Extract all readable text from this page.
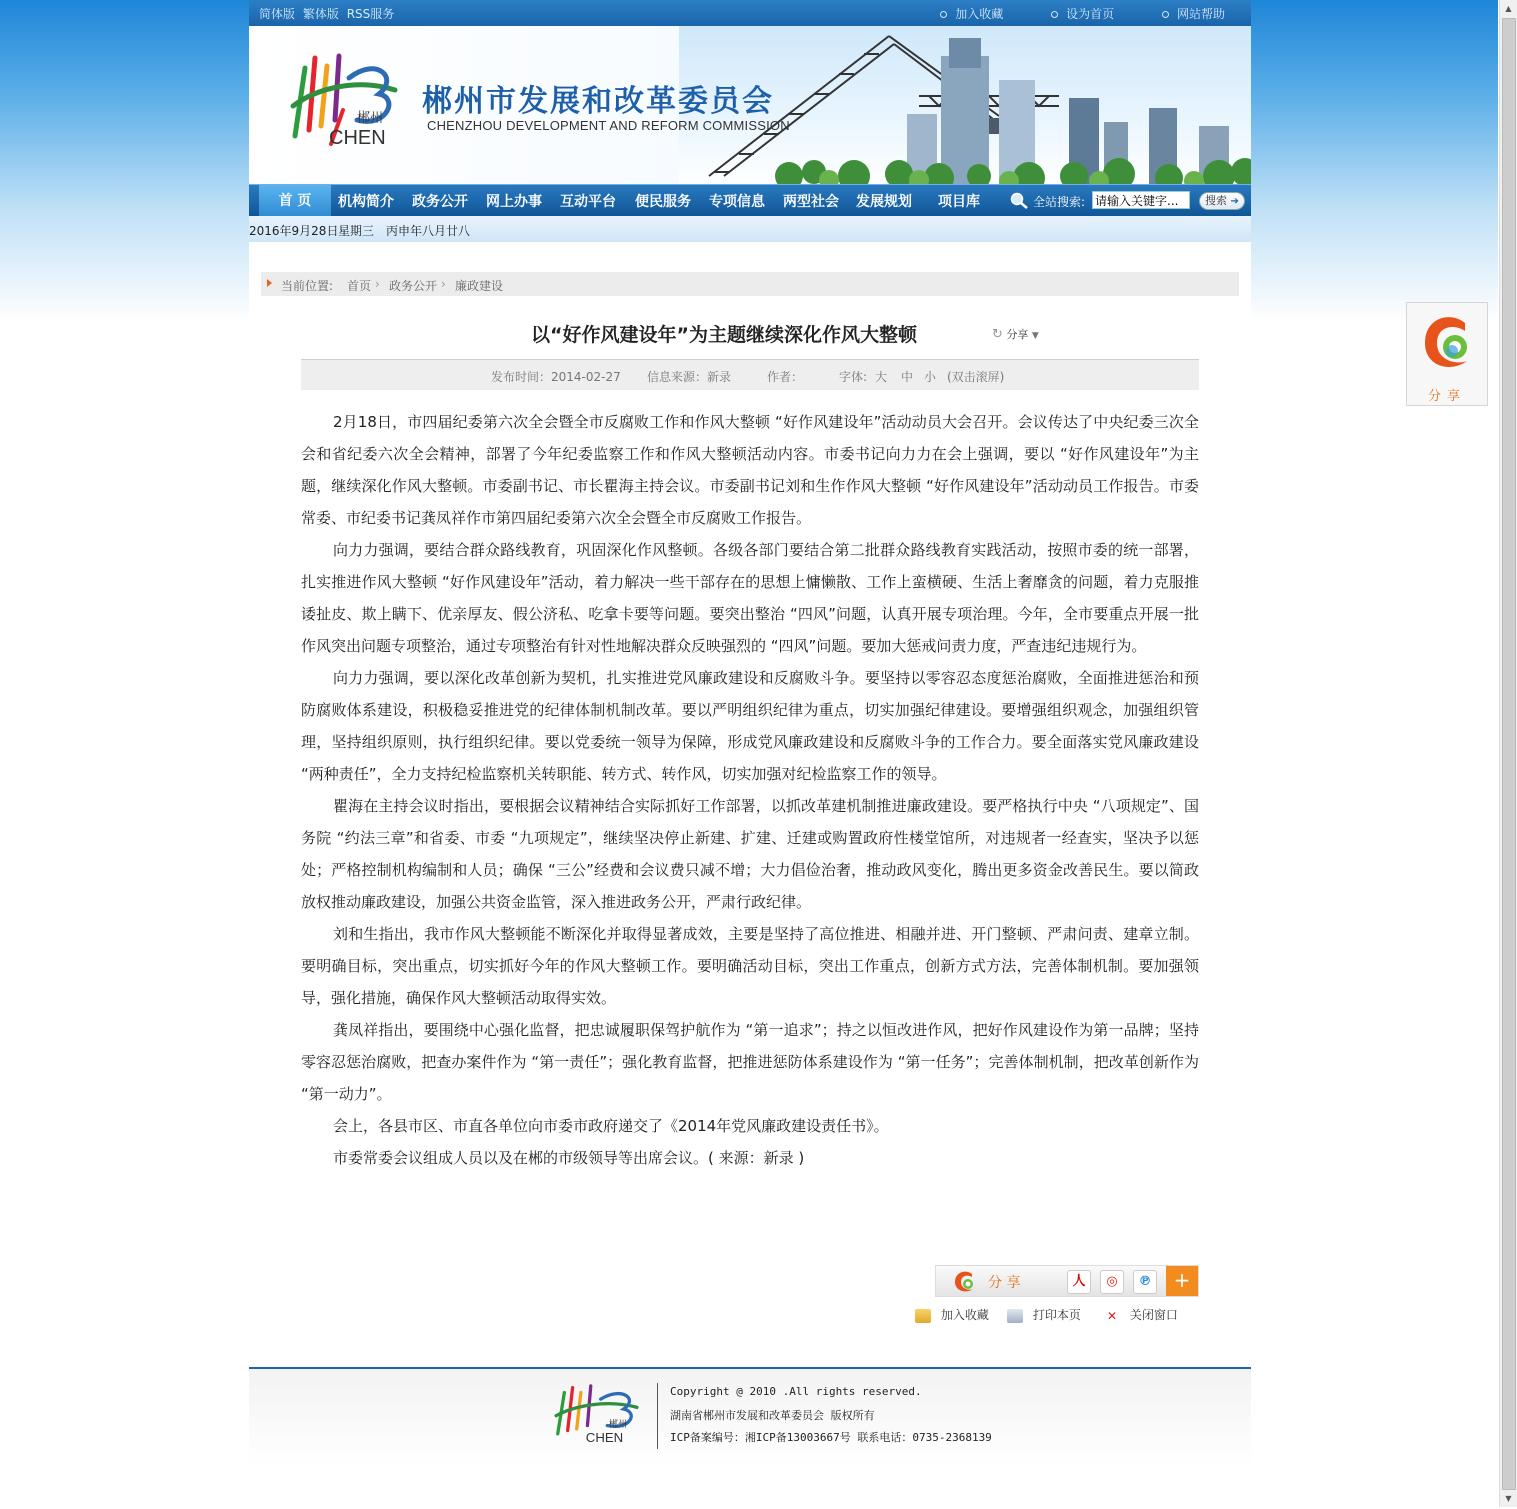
简体版 繁体版 RSS服务	加入收藏	设为首页	网站帮助
郴州
CHEN
郴州市发展和改革委员会
CHENZHOU DEVELOPMENT AND REFORM COMMISSION
首 页	机构简介 政务公开 网上办事 互动平台 便民服务 专项信息 两型社会 发展规划 项目库	全站搜索:
请输入关键字...	搜索 ➔
2016年9月28日 星期三 丙申年八月廿八
当前位置: 首页 › 政务公开 › 廉政建设
以“好作风建设年”为主题继续深化作风大整顿	↻ 分享 ▼
发布时间：2014-02-27 信息来源：新录	作者：	字体: 大 中 小 (双击滚屏)

2月18日，市四届纪委第六次全会暨全市反腐败工作和作风大整顿 “好作风建设年”活动动员大会召开。会议传达了中央纪委三次全会和省纪委六次全会精神，部署了今年纪委监察工作和作风大整顿活动内容。市委书记向力力在会上强调，要以 “好作风建设年”为主题，继续深化作风大整顿。市委副书记、市长瞿海主持会议。市委副书记刘和生作作风大整顿 “好作风建设年”活动动员工作报告。市委常委、市纪委书记龚凤祥作市第四届纪委第六次全会暨全市反腐败工作报告。

向力力强调，要结合群众路线教育，巩固深化作风整顿。各级各部门要结合第二批群众路线教育实践活动，按照市委的统一部署，扎实推进作风大整顿 “好作风建设年”活动，着力解决一些干部存在的思想上慵懒散、工作上蛮横硬、生活上奢靡贪的问题，着力克服推诿扯皮、欺上瞒下、优亲厚友、假公济私、吃拿卡要等问题。要突出整治 “四风”问题，认真开展专项治理。今年，全市要重点开展一批作风突出问题专项整治，通过专项整治有针对性地解决群众反映强烈的 “四风”问题。要加大惩戒问责力度，严查违纪违规行为。

向力力强调，要以深化改革创新为契机，扎实推进党风廉政建设和反腐败斗争。要坚持以零容忍态度惩治腐败，全面推进惩治和预防腐败体系建设，积极稳妥推进党的纪律体制机制改革。要以严明组织纪律为重点，切实加强纪律建设。要增强组织观念，加强组织管理，坚持组织原则，执行组织纪律。要以党委统一领导为保障，形成党风廉政建设和反腐败斗争的工作合力。要全面落实党风廉政建设 “两种责任”，全力支持纪检监察机关转职能、转方式、转作风，切实加强对纪检监察工作的领导。

瞿海在主持会议时指出，要根据会议精神结合实际抓好工作部署，以抓改革建机制推进廉政建设。要严格执行中央 “八项规定”、国务院 “约法三章”和省委、市委 “九项规定”，继续坚决停止新建、扩建、迁建或购置政府性楼堂馆所，对违规者一经查实，坚决予以惩处；严格控制机构编制和人员；确保 “三公”经费和会议费只减不增；大力倡俭治奢，推动政风变化，腾出更多资金改善民生。要以简政放权推动廉政建设，加强公共资金监管，深入推进政务公开，严肃行政纪律。

刘和生指出，我市作风大整顿能不断深化并取得显著成效，主要是坚持了高位推进、相融并进、开门整顿、严肃问责、建章立制。要明确目标，突出重点，切实抓好今年的作风大整顿工作。要明确活动目标，突出工作重点，创新方式方法，完善体制机制。要加强领导，强化措施，确保作风大整顿活动取得实效。

龚凤祥指出，要围绕中心强化监督，把忠诚履职保驾护航作为 “第一追求”；持之以恒改进作风，把好作风建设作为第一品牌；坚持零容忍惩治腐败，把查办案件作为 “第一责任”；强化教育监督，把推进惩防体系建设作为 “第一任务”；完善体制机制，把改革创新作为 “第一动力”。

会上，各县市区、市直各单位向市委市政府递交了《2014年党风廉政建设责任书》。

市委常委会议组成人员以及在郴的市级领导等出席会议。( 来源：新录 )

分 享	人	◎	℗	+
加入收藏	打印本页 ✕ 关闭窗口
郴州
CHEN
Copyright @ 2010 .All rights reserved.
湖南省郴州市发展和改革委员会 版权所有
ICP备案编号：湘ICP备13003667号 联系电话：0735-2368139
分享
▲
▼
